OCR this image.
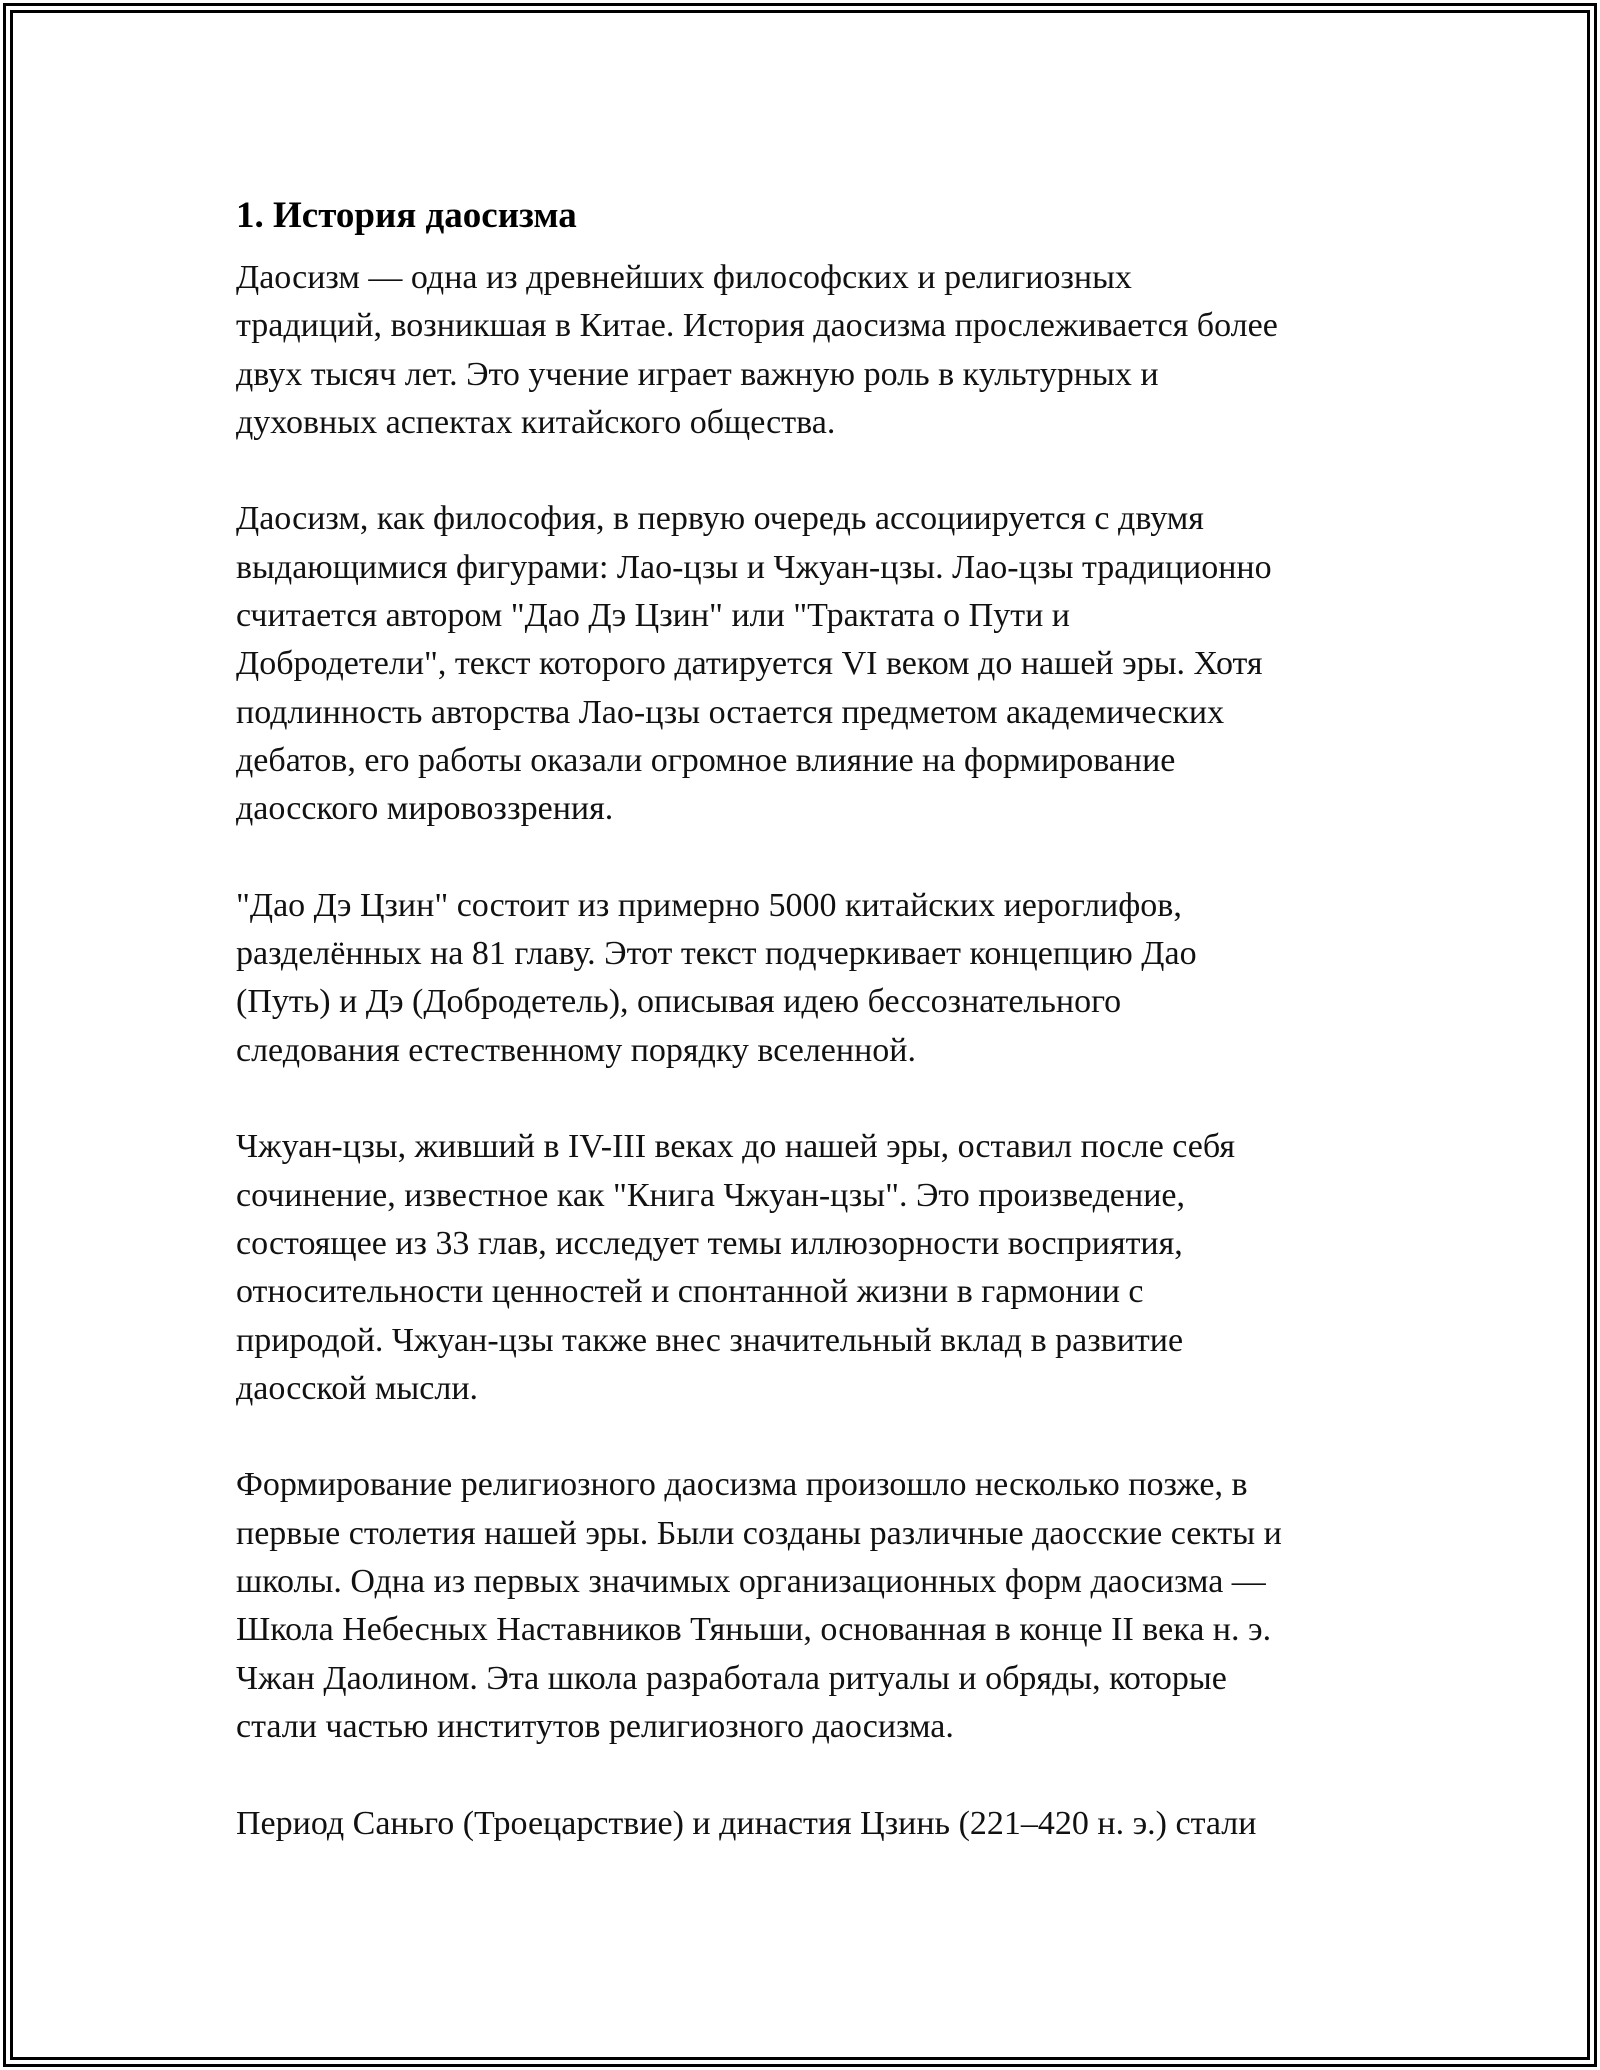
1. История даосизма

Даосизм — одна из древнейших философских и религиозных
традиций, возникшая в Китае. История даосизма прослеживается более
двух тысяч лет. Это учение играет важную роль в культурных и
духовных аспектах китайского общества.

Даосизм, как философия, в первую очередь ассоциируется с двумя
выдающимися фигурами: Лао-цзы и Чжуан-цзы. Лао-цзы традиционно
считается автором "Дао Дэ Цзин" или "Трактата о Пути и
Добродетели", текст которого датируется VI веком до нашей эры. Хотя
подлинность авторства Лао-цзы остается предметом академических
дебатов, его работы оказали огромное влияние на формирование
даосского мировоззрения.

"Дао Дэ Цзин" состоит из примерно 5000 китайских иероглифов,
разделённых на 81 главу. Этот текст подчеркивает концепцию Дао
(Путь) и Дэ (Добродетель), описывая идею бессознательного
следования естественному порядку вселенной.

Чжуан-цзы, живший в IV-III веках до нашей эры, оставил после себя
сочинение, известное как "Книга Чжуан-цзы". Это произведение,
состоящее из 33 глав, исследует темы иллюзорности восприятия,
относительности ценностей и спонтанной жизни в гармонии с
природой. Чжуан-цзы также внес значительный вклад в развитие
даосской мысли.

Формирование религиозного даосизма произошло несколько позже, в
первые столетия нашей эры. Были созданы различные даосские секты и
школы. Одна из первых значимых организационных форм даосизма —
Школа Небесных Наставников Тяньши, основанная в конце II века н. э.
Чжан Даолином. Эта школа разработала ритуалы и обряды, которые
стали частью институтов религиозного даосизма.

Период Саньго (Троецарствие) и династия Цзинь (221–420 н. э.) стали
